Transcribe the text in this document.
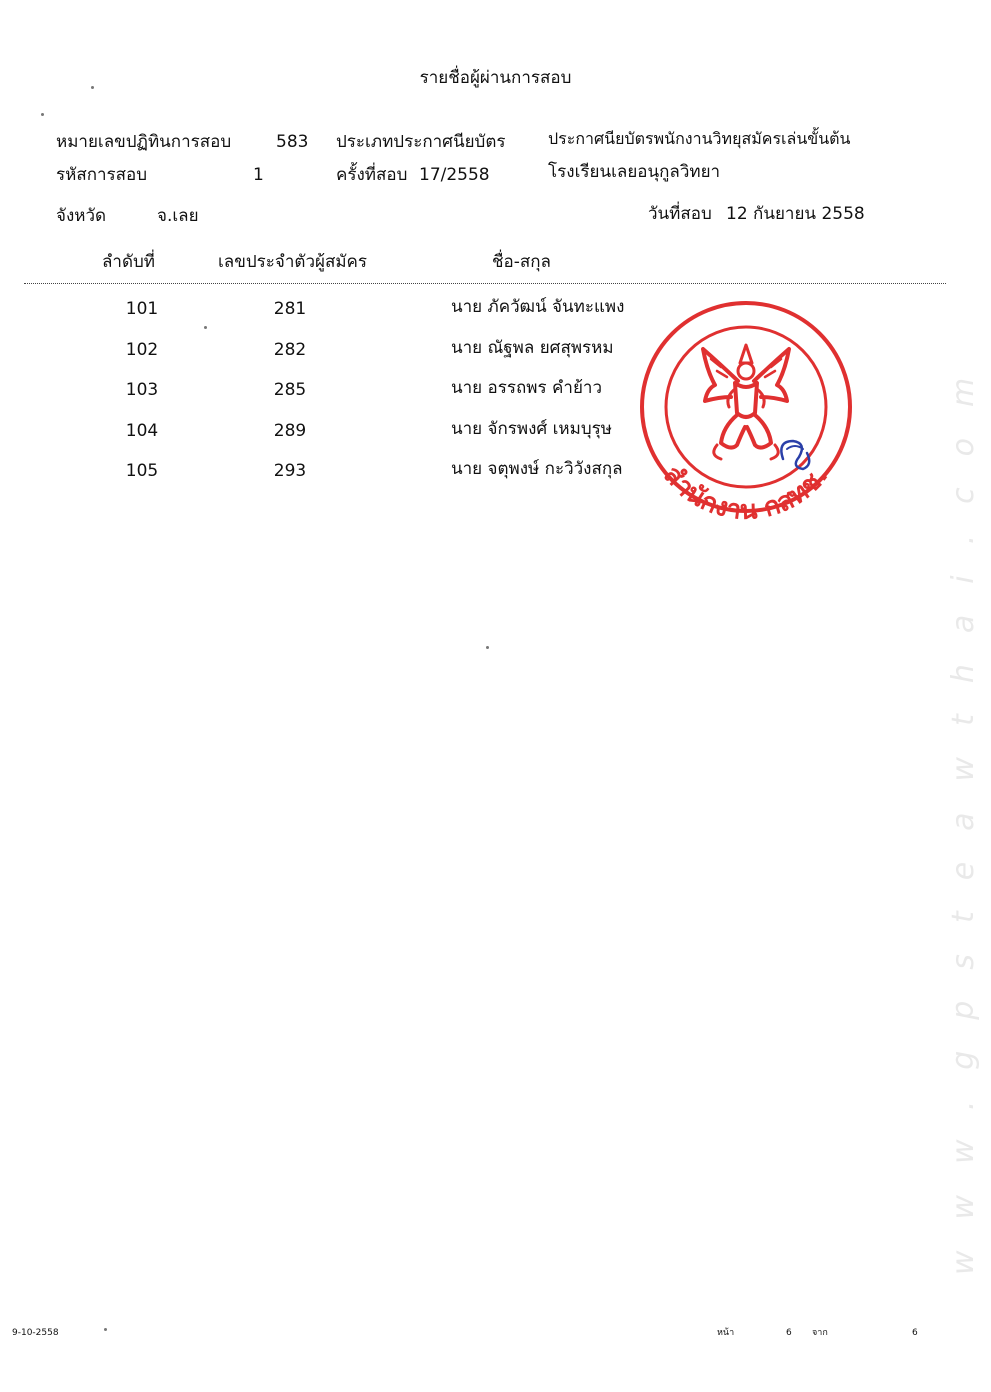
รายชื่อผู้ผ่านการสอบ
หมายเลขปฏิทินการสอบ	583
รหัสการสอบ	1
จังหวัด	จ.เลย
ประเภทประกาศนียบัตร	ประกาศนียบัตรพนักงานวิทยุสมัครเล่นขั้นต้น
ครั้งที่สอบ 17/2558	โรงเรียนเลยอนุกูลวิทยา
วันที่สอบ 12 กันยายน 2558
ลำดับที่	เลขประจำตัวผู้สมัคร	ชื่อ-สกุล
101	281	นาย ภัควัฒน์ จันทะแพง
102	282	นาย ณัฐพล ยศสุพรหม
103	285	นาย อรรถพร คำย้าว
104	289	นาย จักรพงศ์ เหมบุรุษ
105	293	นาย จตุพงษ์ กะวิวังสกุล สำนักงาน กสทช.
9-10-2558	หน้า	6 จาก	6
www.gpsteawthai.com
